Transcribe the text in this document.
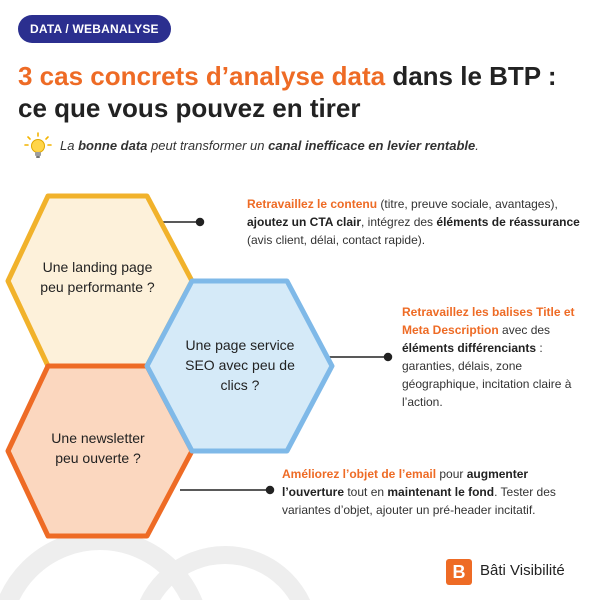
DATA / WEBANALYSE
3 cas concrets d’analyse data dans le BTP : ce que vous pouvez en tirer
La bonne data peut transformer un canal inefficace en levier rentable.
Une landing page peu performante ?
Une page service SEO avec peu de clics ?
Une newsletter peu ouverte ?
Retravaillez le contenu (titre, preuve sociale, avantages), ajoutez un CTA clair, intégrez des éléments de réassurance (avis client, délai, contact rapide).
Retravaillez les balises Title et Meta Description avec des éléments différenciants : garanties, délais, zone géographique, incitation claire à l’action.
Améliorez l’objet de l’email pour augmenter l’ouverture tout en maintenant le fond. Tester des variantes d’objet, ajouter un pré-header incitatif.
B Bâti Visibilité
